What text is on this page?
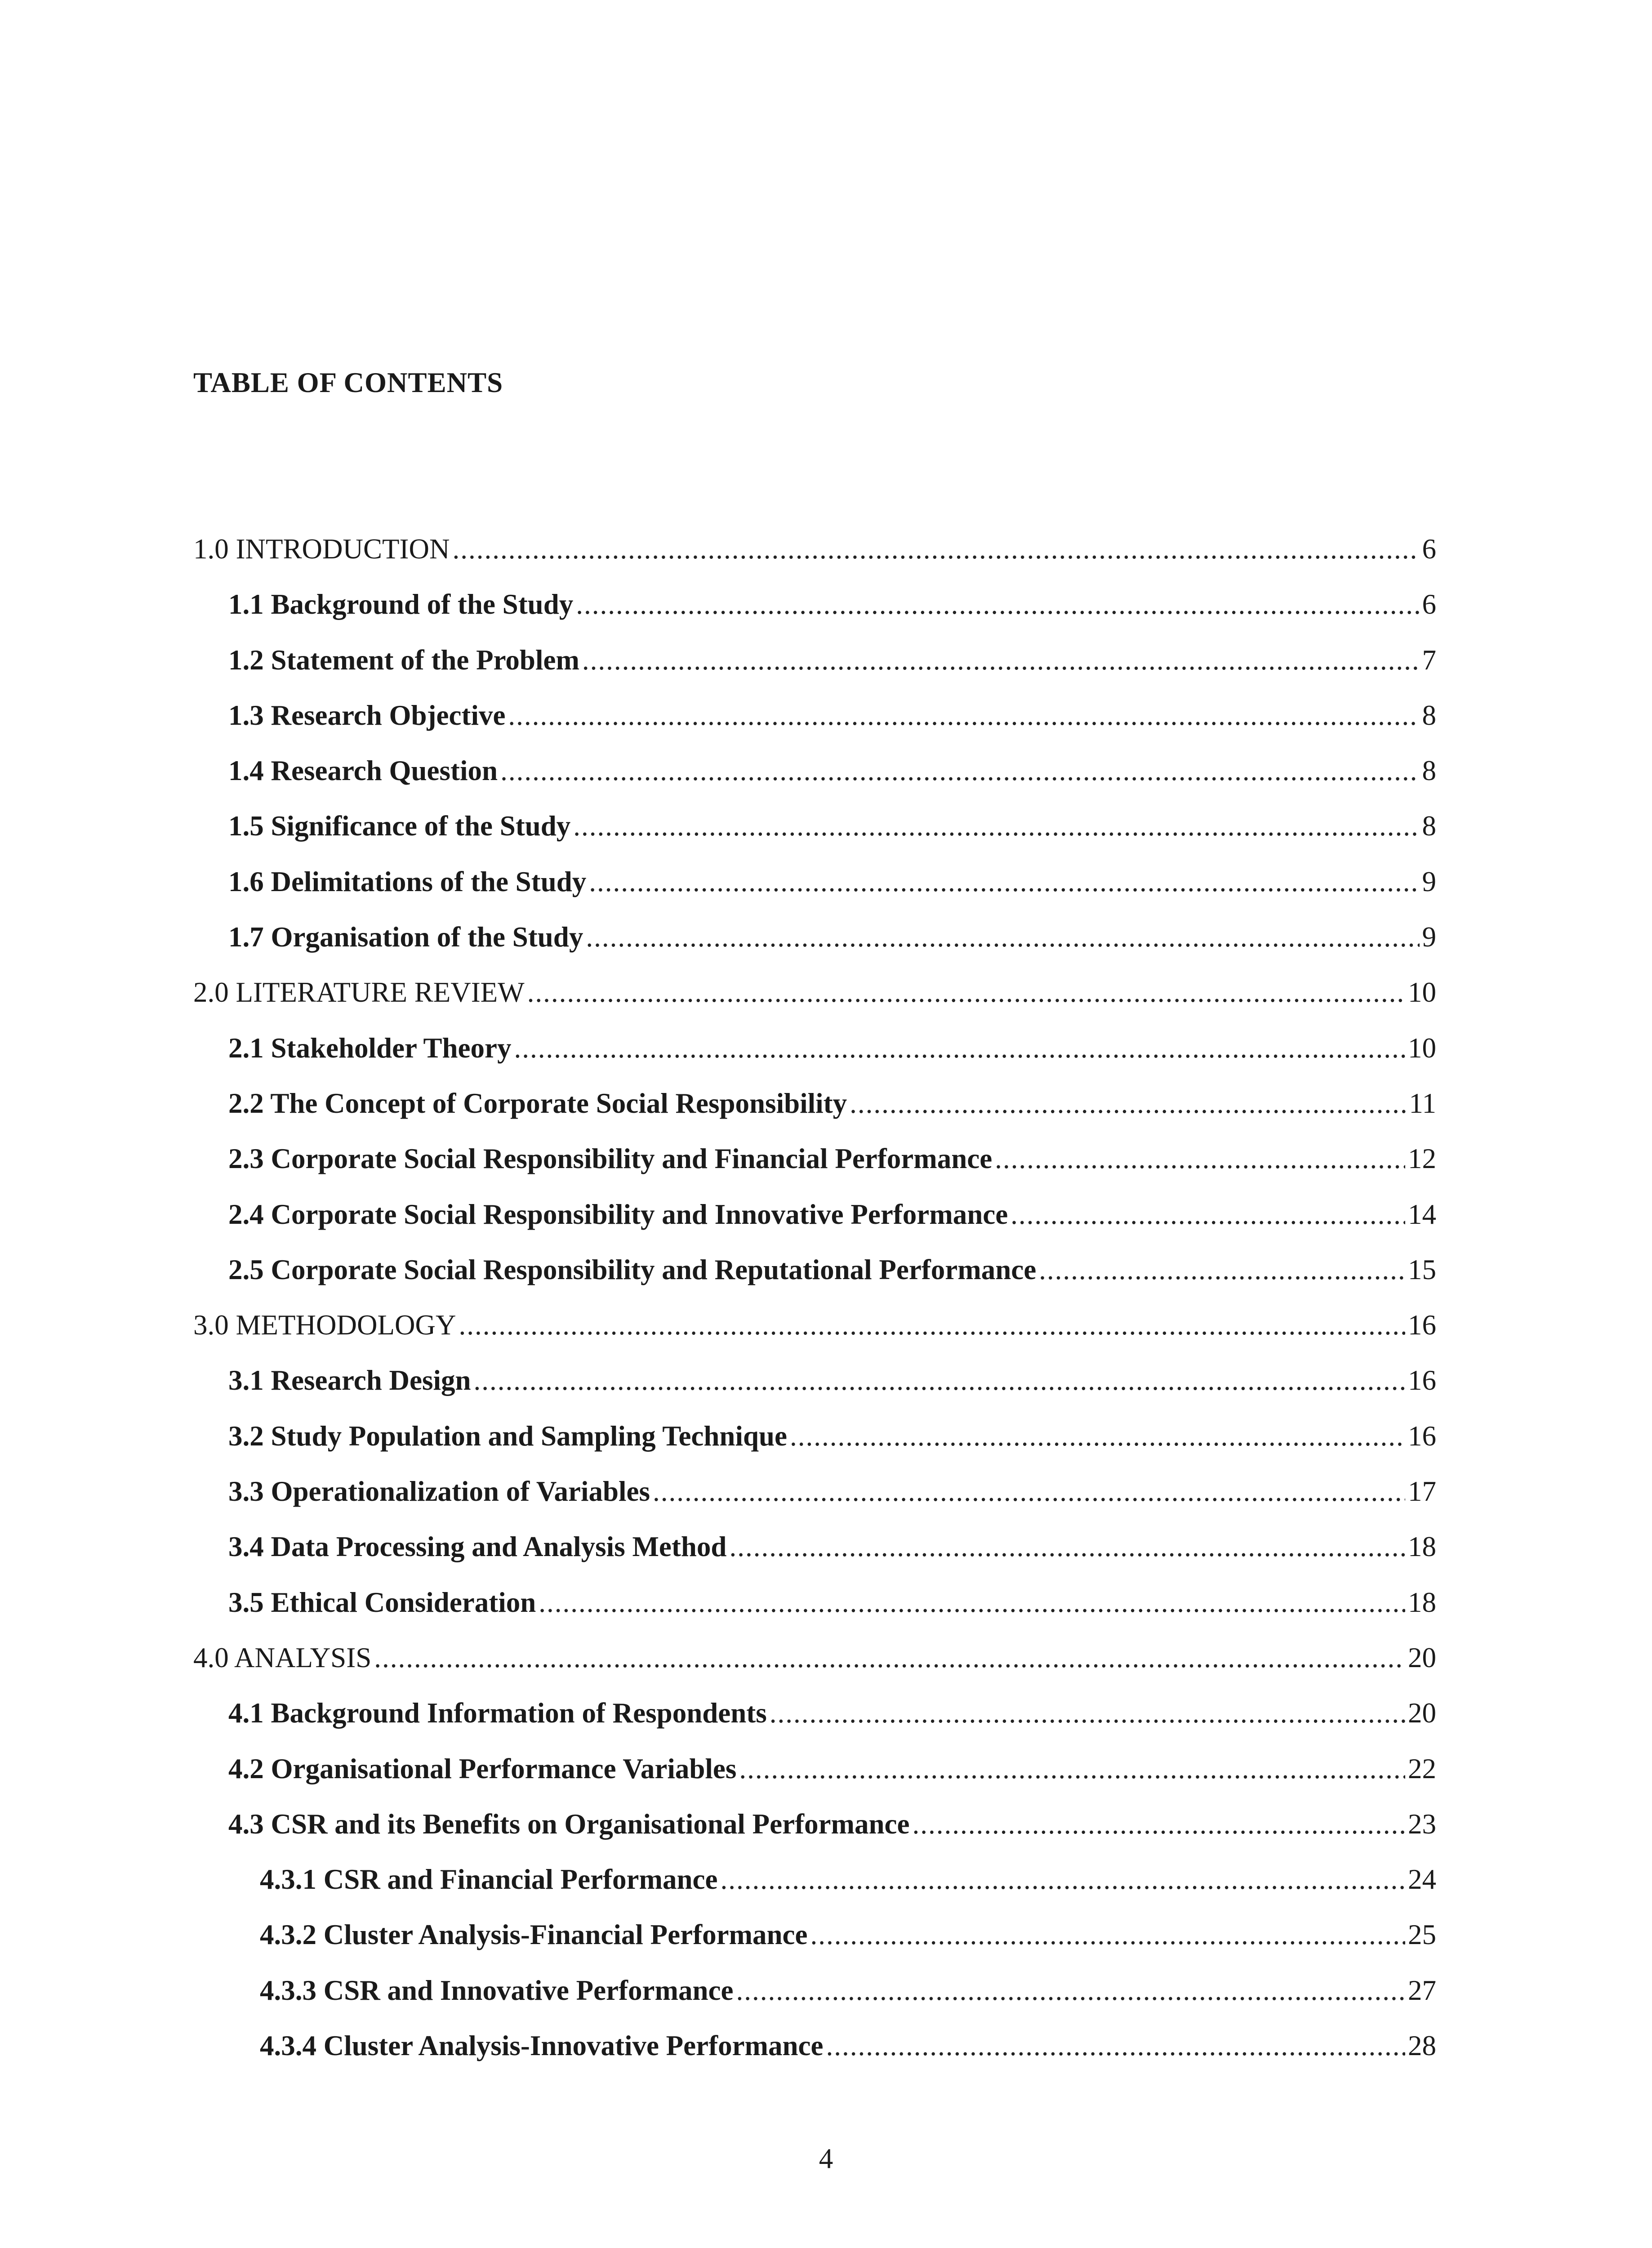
TABLE OF CONTENTS
1.0 INTRODUCTION .....	6
1.1 Background of the Study .....	6
1.2 Statement of the Problem .....	7
1.3 Research Objective .....	8
1.4 Research Question .....	8
1.5 Significance of the Study .....	8
1.6 Delimitations of the Study .....	9
1.7 Organisation of the Study .....	9
2.0 LITERATURE REVIEW .....	10
2.1 Stakeholder Theory .....	10
2.2 The Concept of Corporate Social Responsibility .....	11
2.3 Corporate Social Responsibility and Financial Performance .....	12
2.4 Corporate Social Responsibility and Innovative Performance .....	14
2.5 Corporate Social Responsibility and Reputational Performance .....	15
3.0 METHODOLOGY .....	16
3.1 Research Design .....	16
3.2 Study Population and Sampling Technique .....	16
3.3 Operationalization of Variables .....	17
3.4 Data Processing and Analysis Method .....	18
3.5 Ethical Consideration .....	18
4.0 ANALYSIS .....	20
4.1 Background Information of Respondents .....	20
4.2 Organisational Performance Variables .....	22
4.3 CSR and its Benefits on Organisational Performance .....	23
4.3.1 CSR and Financial Performance .....	24
4.3.2 Cluster Analysis-Financial Performance .....	25
4.3.3 CSR and Innovative Performance .....	27
4.3.4 Cluster Analysis-Innovative Performance .....	28
4
